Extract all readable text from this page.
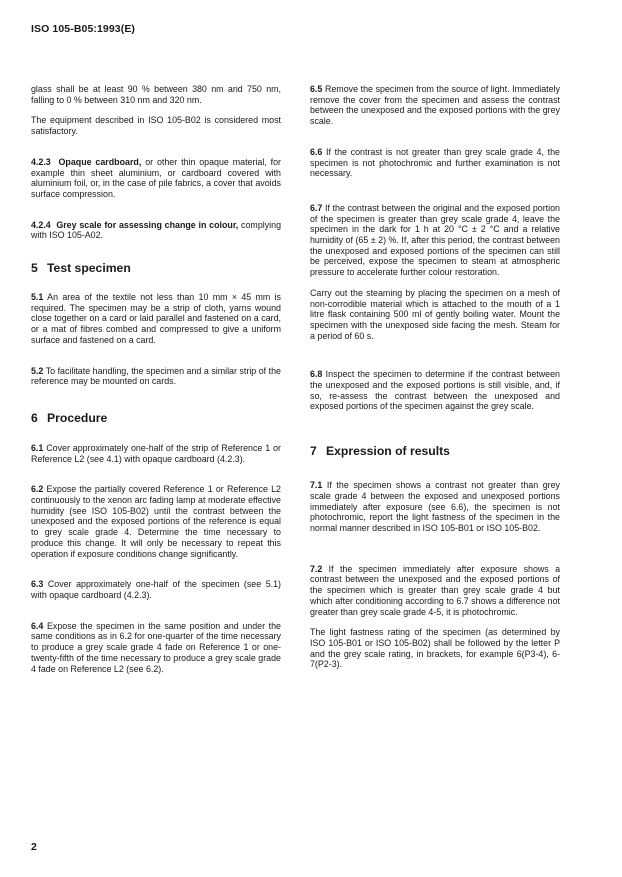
ISO 105-B05:1993(E)

glass shall be at least 90 % between 380 nm and 750 nm, falling to 0 % between 310 nm and 320 nm.

The equipment described in ISO 105-B02 is considered most satisfactory.

4.2.3 Opaque cardboard, or other thin opaque material, for example thin sheet aluminium, or cardboard covered with aluminium foil, or, in the case of pile fabrics, a cover that avoids surface compression.

4.2.4 Grey scale for assessing change in colour, complying with ISO 105-A02.

5 Test specimen

5.1 An area of the textile not less than 10 mm × 45 mm is required. The specimen may be a strip of cloth, yarns wound close together on a card or laid parallel and fastened on a card, or a mat of fibres combed and compressed to give a uniform surface and fastened on a card.

5.2 To facilitate handling, the specimen and a similar strip of the reference may be mounted on cards.

6 Procedure

6.1 Cover approximately one-half of the strip of Reference 1 or Reference L2 (see 4.1) with opaque cardboard (4.2.3).

6.2 Expose the partially covered Reference 1 or Reference L2 continuously to the xenon arc fading lamp at moderate effective humidity (see ISO 105-B02) until the contrast between the unexposed and the exposed portions of the reference is equal to grey scale grade 4. Determine the time necessary to produce this change. It will only be necessary to repeat this operation if exposure conditions change significantly.

6.3 Cover approximately one-half of the specimen (see 5.1) with opaque cardboard (4.2.3).

6.4 Expose the specimen in the same position and under the same conditions as in 6.2 for one-quarter of the time necessary to produce a grey scale grade 4 fade on Reference 1 or one-twenty-fifth of the time necessary to produce a grey scale grade 4 fade on Reference L2 (see 6.2).

6.5 Remove the specimen from the source of light. Immediately remove the cover from the specimen and assess the contrast between the unexposed and the exposed portions with the grey scale.

6.6 If the contrast is not greater than grey scale grade 4, the specimen is not photochromic and further examination is not necessary.

6.7 If the contrast between the original and the exposed portion of the specimen is greater than grey scale grade 4, leave the specimen in the dark for 1 h at 20 °C ± 2 °C and a relative humidity of (65 ± 2) %. If, after this period, the contrast between the unexposed and exposed portions of the specimen can still be perceived, expose the specimen to steam at atmospheric pressure to accelerate further colour restoration.

Carry out the steaming by placing the specimen on a mesh of non-corrodible material which is attached to the mouth of a 1 litre flask containing 500 ml of gently boiling water. Mount the specimen with the unexposed side facing the mesh. Steam for a period of 60 s.

6.8 Inspect the specimen to determine if the contrast between the unexposed and the exposed portions is still visible, and, if so, re-assess the contrast between the unexposed and exposed portions of the specimen against the grey scale.

7 Expression of results

7.1 If the specimen shows a contrast not greater than grey scale grade 4 between the exposed and unexposed portions immediately after exposure (see 6.6), the specimen is not photochromic, report the light fastness of the specimen in the normal manner described in ISO 105-B01 or ISO 105-B02.

7.2 If the specimen immediately after exposure shows a contrast between the unexposed and the exposed portions of the specimen which is greater than grey scale grade 4 but which after conditioning according to 6.7 shows a difference not greater than grey scale grade 4-5, it is photochromic.

The light fastness rating of the specimen (as determined by ISO 105-B01 or ISO 105-B02) shall be followed by the letter P and the grey scale rating, in brackets, for example 6(P3-4), 6-7(P2-3).

2
